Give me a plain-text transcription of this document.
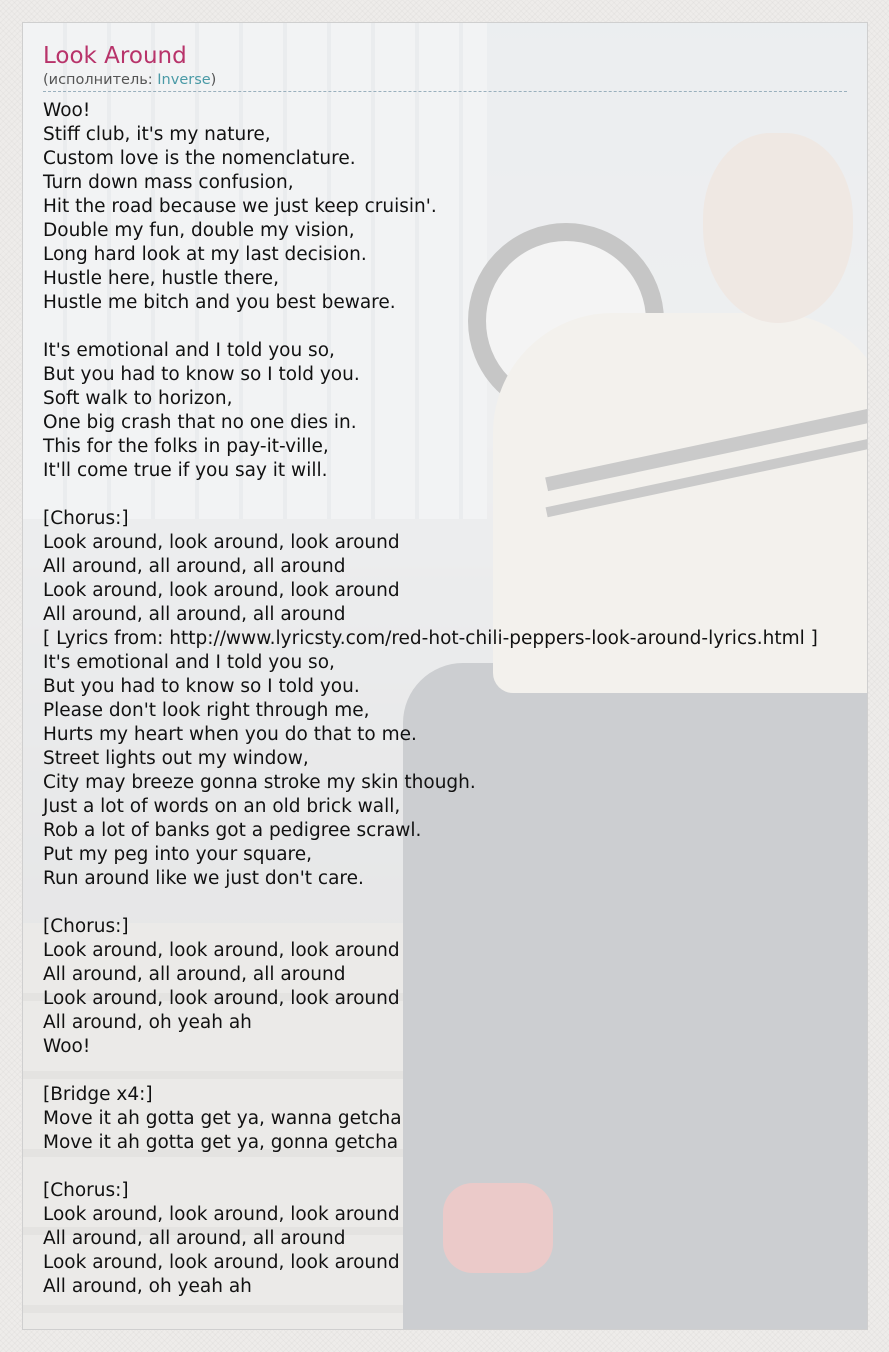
Look Around
(исполнитель: Inverse)
Woo!
Stiff club, it's my nature,
Custom love is the nomenclature.
Turn down mass confusion,
Hit the road because we just keep cruisin'.
Double my fun, double my vision,
Long hard look at my last decision.
Hustle here, hustle there,
Hustle me bitch and you best beware.
It's emotional and I told you so,
But you had to know so I told you.
Soft walk to horizon,
One big crash that no one dies in.
This for the folks in pay-it-ville,
It'll come true if you say it will.
[Chorus:]
Look around, look around, look around
All around, all around, all around
Look around, look around, look around
All around, all around, all around
[ Lyrics from: http://www.lyricsty.com/red-hot-chili-peppers-look-around-lyrics.html ]
It's emotional and I told you so,
But you had to know so I told you.
Please don't look right through me,
Hurts my heart when you do that to me.
Street lights out my window,
City may breeze gonna stroke my skin though.
Just a lot of words on an old brick wall,
Rob a lot of banks got a pedigree scrawl.
Put my peg into your square,
Run around like we just don't care.
[Chorus:]
Look around, look around, look around
All around, all around, all around
Look around, look around, look around
All around, oh yeah ah
Woo!
[Bridge x4:]
Move it ah gotta get ya, wanna getcha
Move it ah gotta get ya, gonna getcha
[Chorus:]
Look around, look around, look around
All around, all around, all around
Look around, look around, look around
All around, oh yeah ah
